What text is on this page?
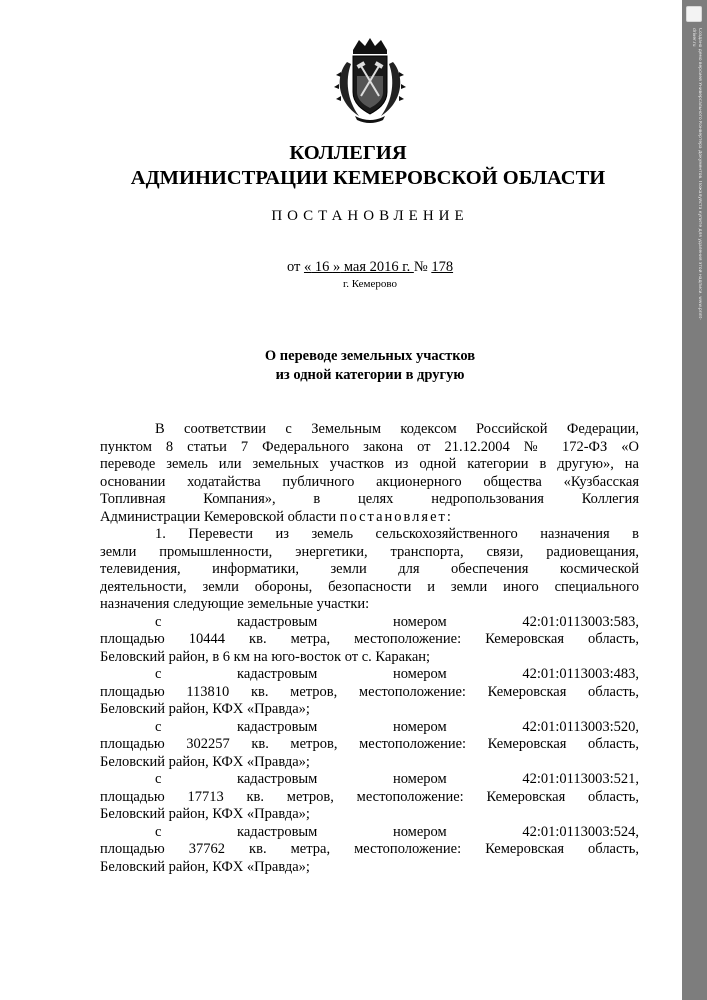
Создано демо версией Универсального Конвертера Документов. Пожалуйста купите для удаления этой надписи. www.print-driver.ru
КОЛЛЕГИЯ
АДМИНИСТРАЦИИ КЕМЕРОВСКОЙ ОБЛАСТИ
ПОСТАНОВЛЕНИЕ
от « 16 » мая 2016 г. № 178
г. Кемерово
О переводе земельных участков
из одной категории в другую

В соответствии с Земельным кодексом Российской Федерации,

пунктом 8 статьи 7 Федерального закона от 21.12.2004 № 172-ФЗ «О

переводе земель или земельных участков из одной категории в другую», на

основании ходатайства публичного акционерного общества «Кузбасская

Топливная Компания», в целях недропользования Коллегия

Администрации Кемеровской области постановляет:

1. Перевести из земель сельскохозяйственного назначения в

земли промышленности, энергетики, транспорта, связи, радиовещания,

телевидения, информатики, земли для обеспечения космической

деятельности, земли обороны, безопасности и земли иного специального

назначения следующие земельные участки:

с кадастровым номером 42:01:0113003:583,

площадью 10444 кв. метра, местоположение: Кемеровская область,

Беловский район, в 6 км на юго-восток от с. Каракан;

с кадастровым номером 42:01:0113003:483,

площадью 113810 кв. метров, местоположение: Кемеровская область,

Беловский район, КФХ «Правда»;

с кадастровым номером 42:01:0113003:520,

площадью 302257 кв. метров, местоположение: Кемеровская область,

Беловский район, КФХ «Правда»;

с кадастровым номером 42:01:0113003:521,

площадью 17713 кв. метров, местоположение: Кемеровская область,

Беловский район, КФХ «Правда»;

с кадастровым номером 42:01:0113003:524,

площадью 37762 кв. метра, местоположение: Кемеровская область,

Беловский район, КФХ «Правда»;
